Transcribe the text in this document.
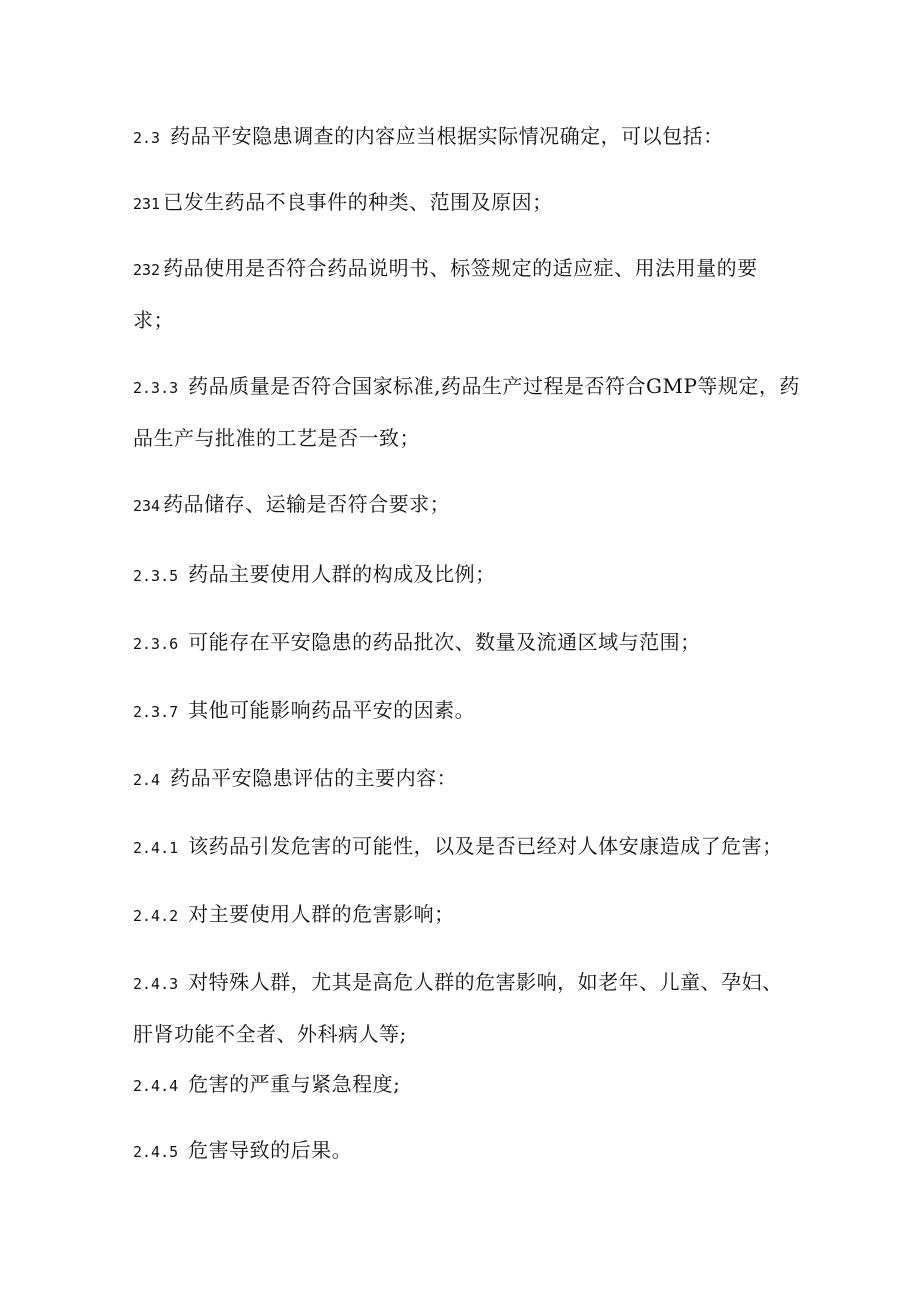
2.3 药品平安隐患调查的内容应当根据实际情况确定，可以包括：
231 已发生药品不良事件的种类、范围及原因；
232 药品使用是否符合药品说明书、标签规定的适应症、用法用量的要
求；
2.3.3 药品质量是否符合国家标准,药品生产过程是否符合GMP等规定，药
品生产与批准的工艺是否一致；
234 药品储存、运输是否符合要求；
2.3.5 药品主要使用人群的构成及比例；
2.3.6 可能存在平安隐患的药品批次、数量及流通区域与范围；
2.3.7 其他可能影响药品平安的因素。
2.4 药品平安隐患评估的主要内容：
2.4.1 该药品引发危害的可能性，以及是否已经对人体安康造成了危害；
2.4.2 对主要使用人群的危害影响；
2.4.3 对特殊人群，尤其是高危人群的危害影响，如老年、儿童、孕妇、
肝肾功能不全者、外科病人等;
2.4.4 危害的严重与紧急程度;
2.4.5 危害导致的后果。
